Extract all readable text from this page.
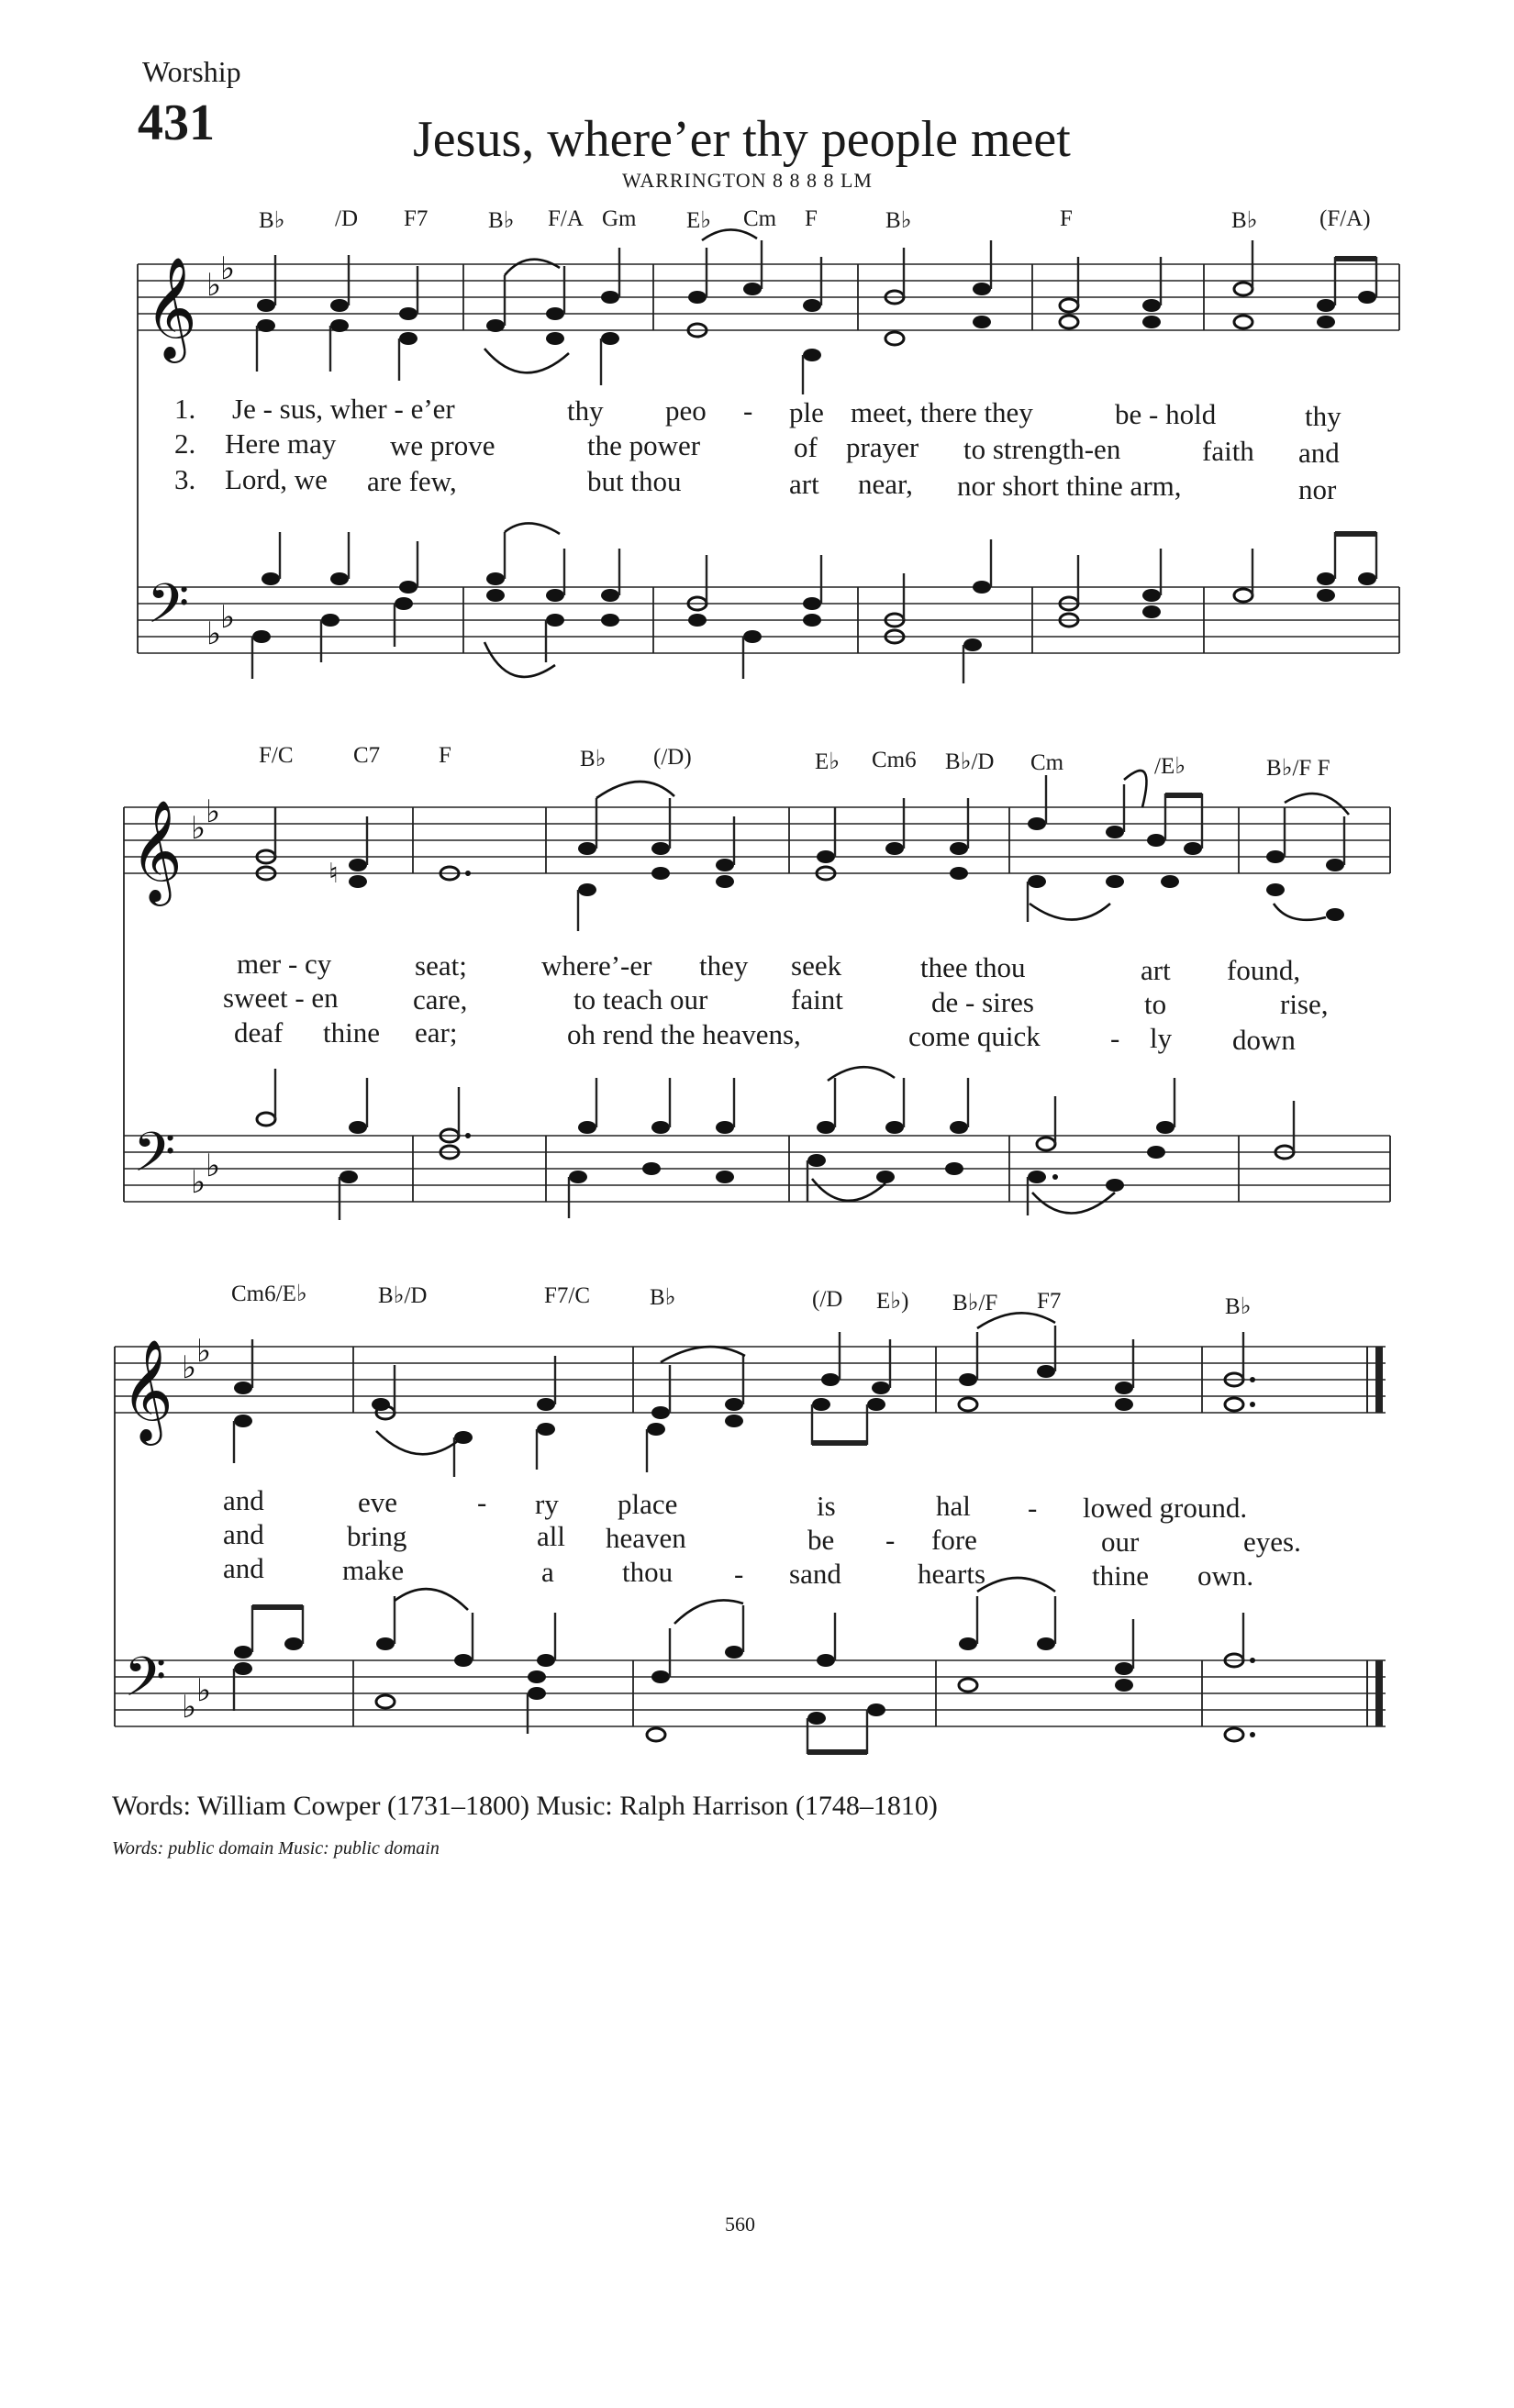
Worship
431	Jesus, where’er thy people meet
WARRINGTON 8 8 8 8 LM
B♭ /D F7	B♭ F/A Gm E♭ Cm F	B♭	F	B♭	(F/A)
𝄞 ♭
♭
𝄢 ♭
♭
1. Je - sus, wher - e’er	thy peo - ple meet, there they	be - hold	thy
2. Here may we prove	the power	of prayer to strength-en	faith and
3. Lord, we are few,	but thou	art near, nor short thine arm,	nor
F/C	C7	F	B♭ (/D)	E♭ Cm6 B♭/D Cm	/E♭	B♭/F F
𝄞 ♭ ♭
𝄢 ♭ ♭
♮
mer - cy	seat;	where’-er they seek	thee thou	art found,
sweet - en	care,	to teach our	faint	de - sires	to	rise,
deaf thine ear;	oh rend the heavens,	come quick - ly down
Cm6/E♭	B♭/D	F7/C	B♭	(/D E♭) B♭/F F7	B♭
𝄞 ♭ ♭
𝄢 ♭ ♭
and	eve	- ry place	is	hal - lowed ground.
and	bring	all heaven	be - fore	our	eyes.
and	make	a thou - sand	hearts	thine own.
Words: William Cowper (1731–1800) Music: Ralph Harrison (1748–1810)
Words: public domain Music: public domain
560
